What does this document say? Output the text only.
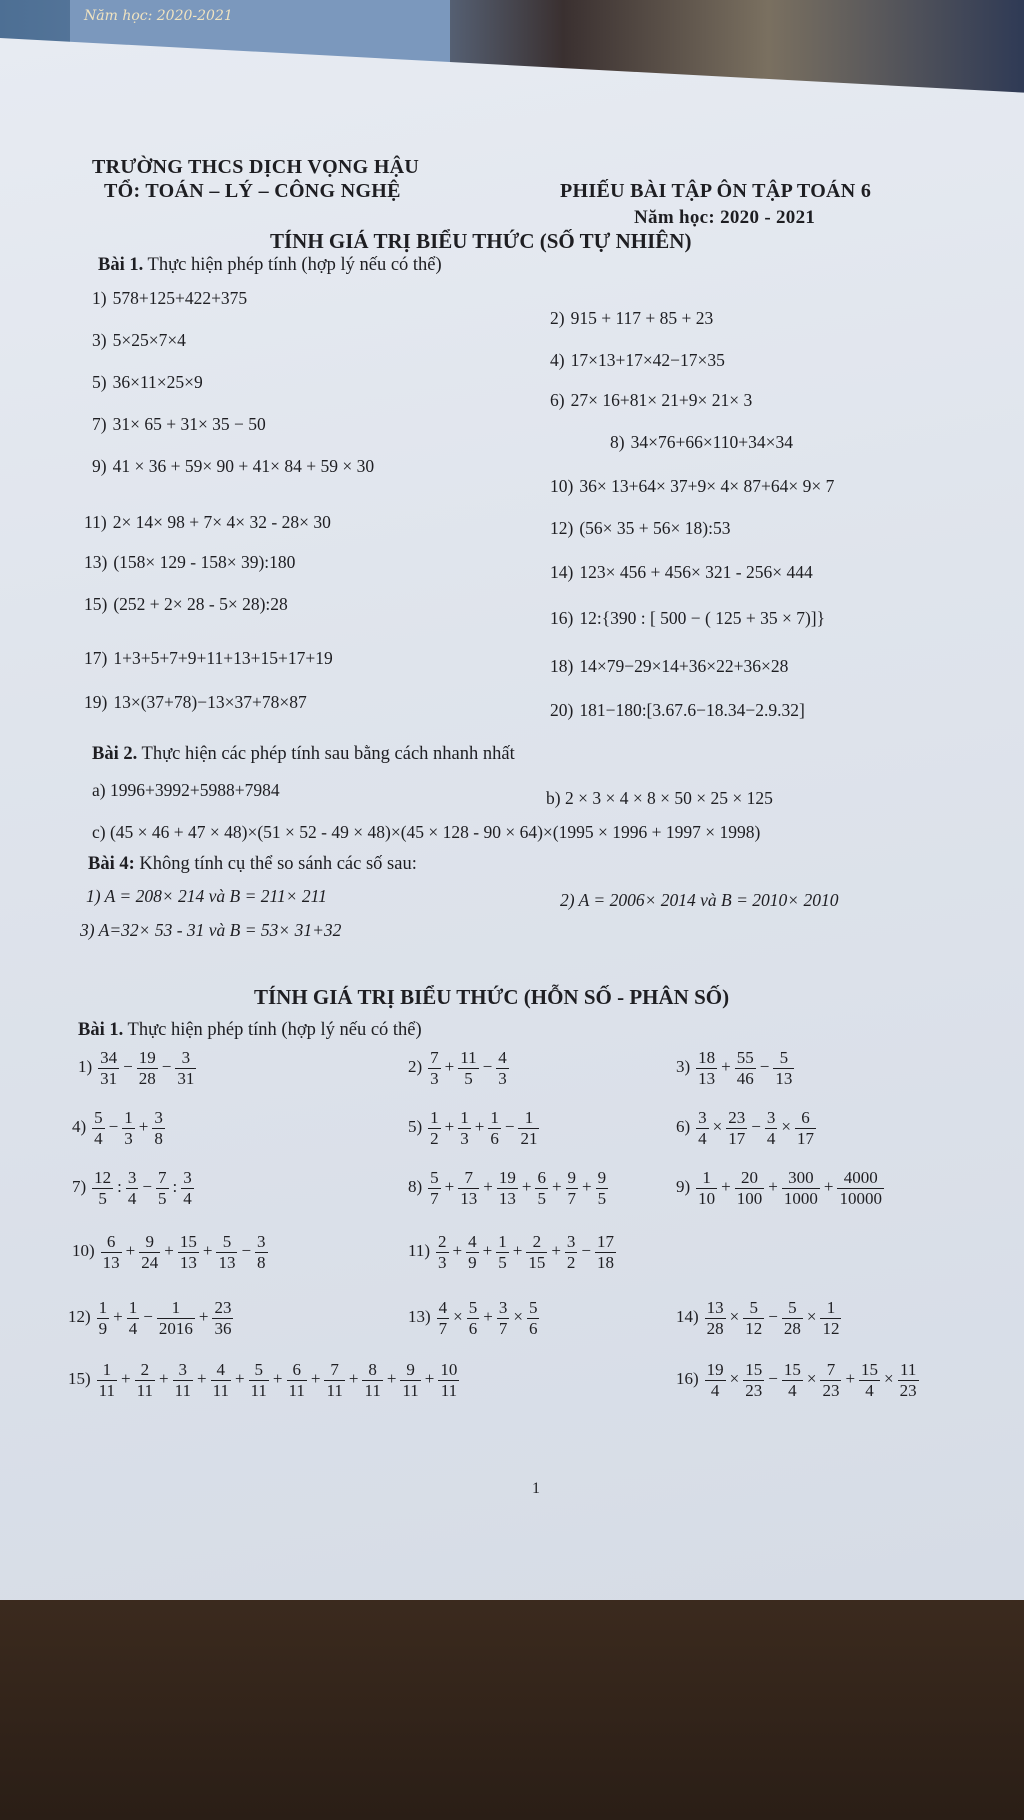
Năm học: 2020-2021
TRƯỜNG THCS DỊCH VỌNG HẬU
TỔ: TOÁN – LÝ – CÔNG NGHỆ	PHIẾU BÀI TẬP ÔN TẬP TOÁN 6
Năm học: 2020 - 2021
TÍNH GIÁ TRỊ BIỂU THỨC (SỐ TỰ NHIÊN)
Bài 1. Thực hiện phép tính (hợp lý nếu có thể)
1) 578+125+422+375
2) 915 + 117 + 85 + 23
3) 5×25×7×4
4) 17×13+17×42−17×35
5) 36×11×25×9
6) 27× 16+81× 21+9× 21× 3
7) 31× 65 + 31× 35 − 50
8) 34×76+66×110+34×34
9) 41 × 36 + 59× 90 + 41× 84 + 59 × 30
10) 36× 13+64× 37+9× 4× 87+64× 9× 7
11) 2× 14× 98 + 7× 4× 32 - 28× 30	12) (56× 35 + 56× 18):53
13) (158× 129 - 158× 39):180	14) 123× 456 + 456× 321 - 256× 444
15) (252 + 2× 28 - 5× 28):28
16) 12:{390 : [ 500 − ( 125 + 35 × 7)]}
17) 1+3+5+7+9+11+13+15+17+19	18) 14×79−29×14+36×22+36×28
19) 13×(37+78)−13×37+78×87	20) 181−180:[3.67.6−18.34−2.9.32]
Bài 2. Thực hiện các phép tính sau bằng cách nhanh nhất
a) 1996+3992+5988+7984	b) 2 × 3 × 4 × 8 × 50 × 25 × 125
c) (45 × 46 + 47 × 48)×(51 × 52 - 49 × 48)×(45 × 128 - 90 × 64)×(1995 × 1996 + 1997 × 1998)
Bài 4: Không tính cụ thể so sánh các số sau:
1) A = 208× 214 và B = 211× 211	2) A = 2006× 2014 và B = 2010× 2010
3) A=32× 53 - 31 và B = 53× 31+32
TÍNH GIÁ TRỊ BIỂU THỨC (HỖN SỐ - PHÂN SỐ)
Bài 1. Thực hiện phép tính (hợp lý nếu có thể)
$1) \frac{34}{31} - \frac{19}{28} - \frac{3}{31}$	$2) \frac{7}{3} + \frac{11}{5} - \frac{4}{3}$	$3) \frac{18}{13} + \frac{55}{46} - \frac{5}{13}$
$4) \frac{5}{4} - \frac{1}{3} + \frac{3}{8}$	$5) \frac{1}{2} + \frac{1}{3} + \frac{1}{6} - \frac{1}{21}$	$6) \frac{3}{4} \times \frac{23}{17} - \frac{3}{4} \times \frac{6}{17}$
$7) \frac{12}{5}$ : $\frac{3}{4} - \frac{7}{5}$ : $\frac{3}{4}$	$8) \frac{5}{7} + \frac{7}{13} + \frac{19}{13} + \frac{6}{5} + \frac{9}{7} + \frac{9}{5}$	$9) \frac{1}{10} + \frac{20}{100} + \frac{300}{1000} + \frac{4000}{10000}$
$10) \frac{6}{13} + \frac{9}{24} + \frac{15}{13} + \frac{5}{13} - \frac{3}{8}$	$11) \frac{2}{3} + \frac{4}{9} + \frac{1}{5} + \frac{2}{15} + \frac{3}{2} - \frac{17}{18}$
$12) \frac{1}{9} + \frac{1}{4} - \frac{1}{2016} + \frac{23}{36}$	$13) \frac{4}{7} \times \frac{5}{6} + \frac{3}{7} \times \frac{5}{6}$	$14) \frac{13}{28} \times \frac{5}{12} - \frac{5}{28} \times \frac{1}{12}$
$15) \frac{1}{11} + \frac{2}{11} + \frac{3}{11} + \frac{4}{11} + \frac{5}{11} + \frac{6}{11} + \frac{7}{11} + \frac{8}{11} + \frac{9}{11} + \frac{10}{11}$	$16) \frac{19}{4} \times \frac{15}{23} - \frac{15}{4} \times \frac{7}{23} + \frac{15}{4} \times \frac{11}{23}$
1
